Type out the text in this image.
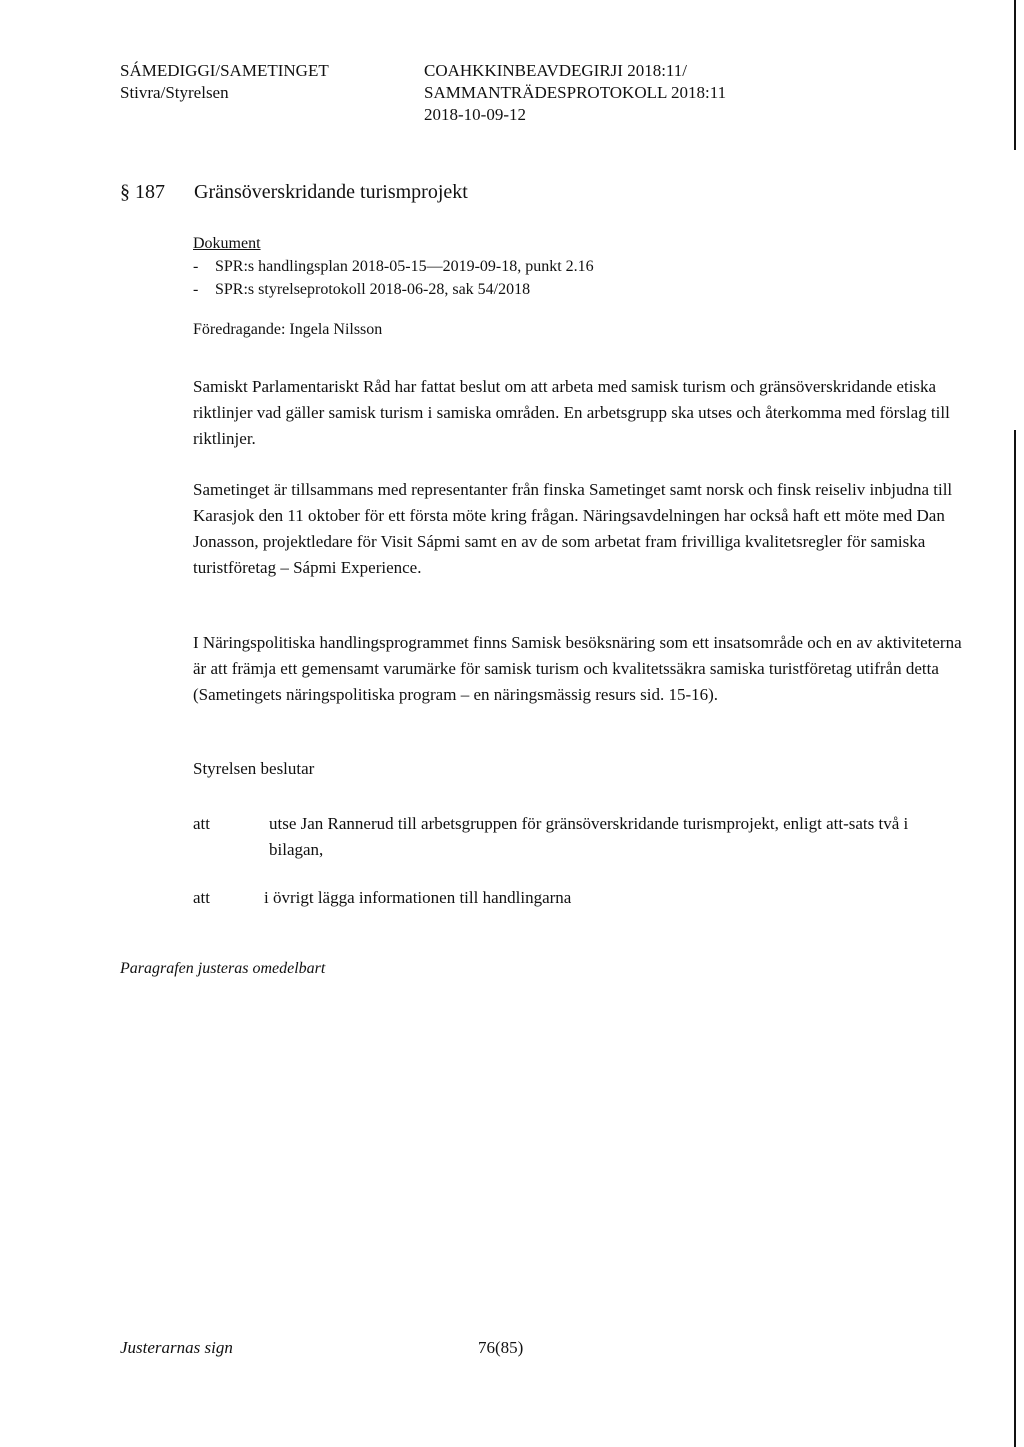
SÁMEDIGGI/SAMETINGET
Stivra/Styrelsen
COAHKKINBEAVDEGIRJI 2018:11/
SAMMANTRÄDESPROTOKOLL 2018:11
2018-10-09-12
§ 187 Gränsöverskridande turismprojekt
Dokument
- SPR:s handlingsplan 2018-05-15—2019-09-18, punkt 2.16
- SPR:s styrelseprotokoll 2018-06-28, sak 54/2018
Föredragande: Ingela Nilsson
Samiskt Parlamentariskt Råd har fattat beslut om att arbeta med samisk turism och gränsöverskridande etiska riktlinjer vad gäller samisk turism i samiska områden. En arbetsgrupp ska utses och återkomma med förslag till riktlinjer.
Sametinget är tillsammans med representanter från finska Sametinget samt norsk och finsk reiseliv inbjudna till Karasjok den 11 oktober för ett första möte kring frågan. Näringsavdelningen har också haft ett möte med Dan Jonasson, projektledare för Visit Sápmi samt en av de som arbetat fram frivilliga kvalitetsregler för samiska turistföretag – Sápmi Experience.
I Näringspolitiska handlingsprogrammet finns Samisk besöksnäring som ett insatsområde och en av aktiviteterna är att främja ett gemensamt varumärke för samisk turism och kvalitetssäkra samiska turistföretag utifrån detta (Sametingets näringspolitiska program – en näringsmässig resurs sid. 15-16).
Styrelsen beslutar
att	utse Jan Rannerud till arbetsgruppen för gränsöverskridande turismprojekt, enligt att-sats två i bilagan,
att	i övrigt lägga informationen till handlingarna
Paragrafen justeras omedelbart
Justerarnas sign	76(85)
